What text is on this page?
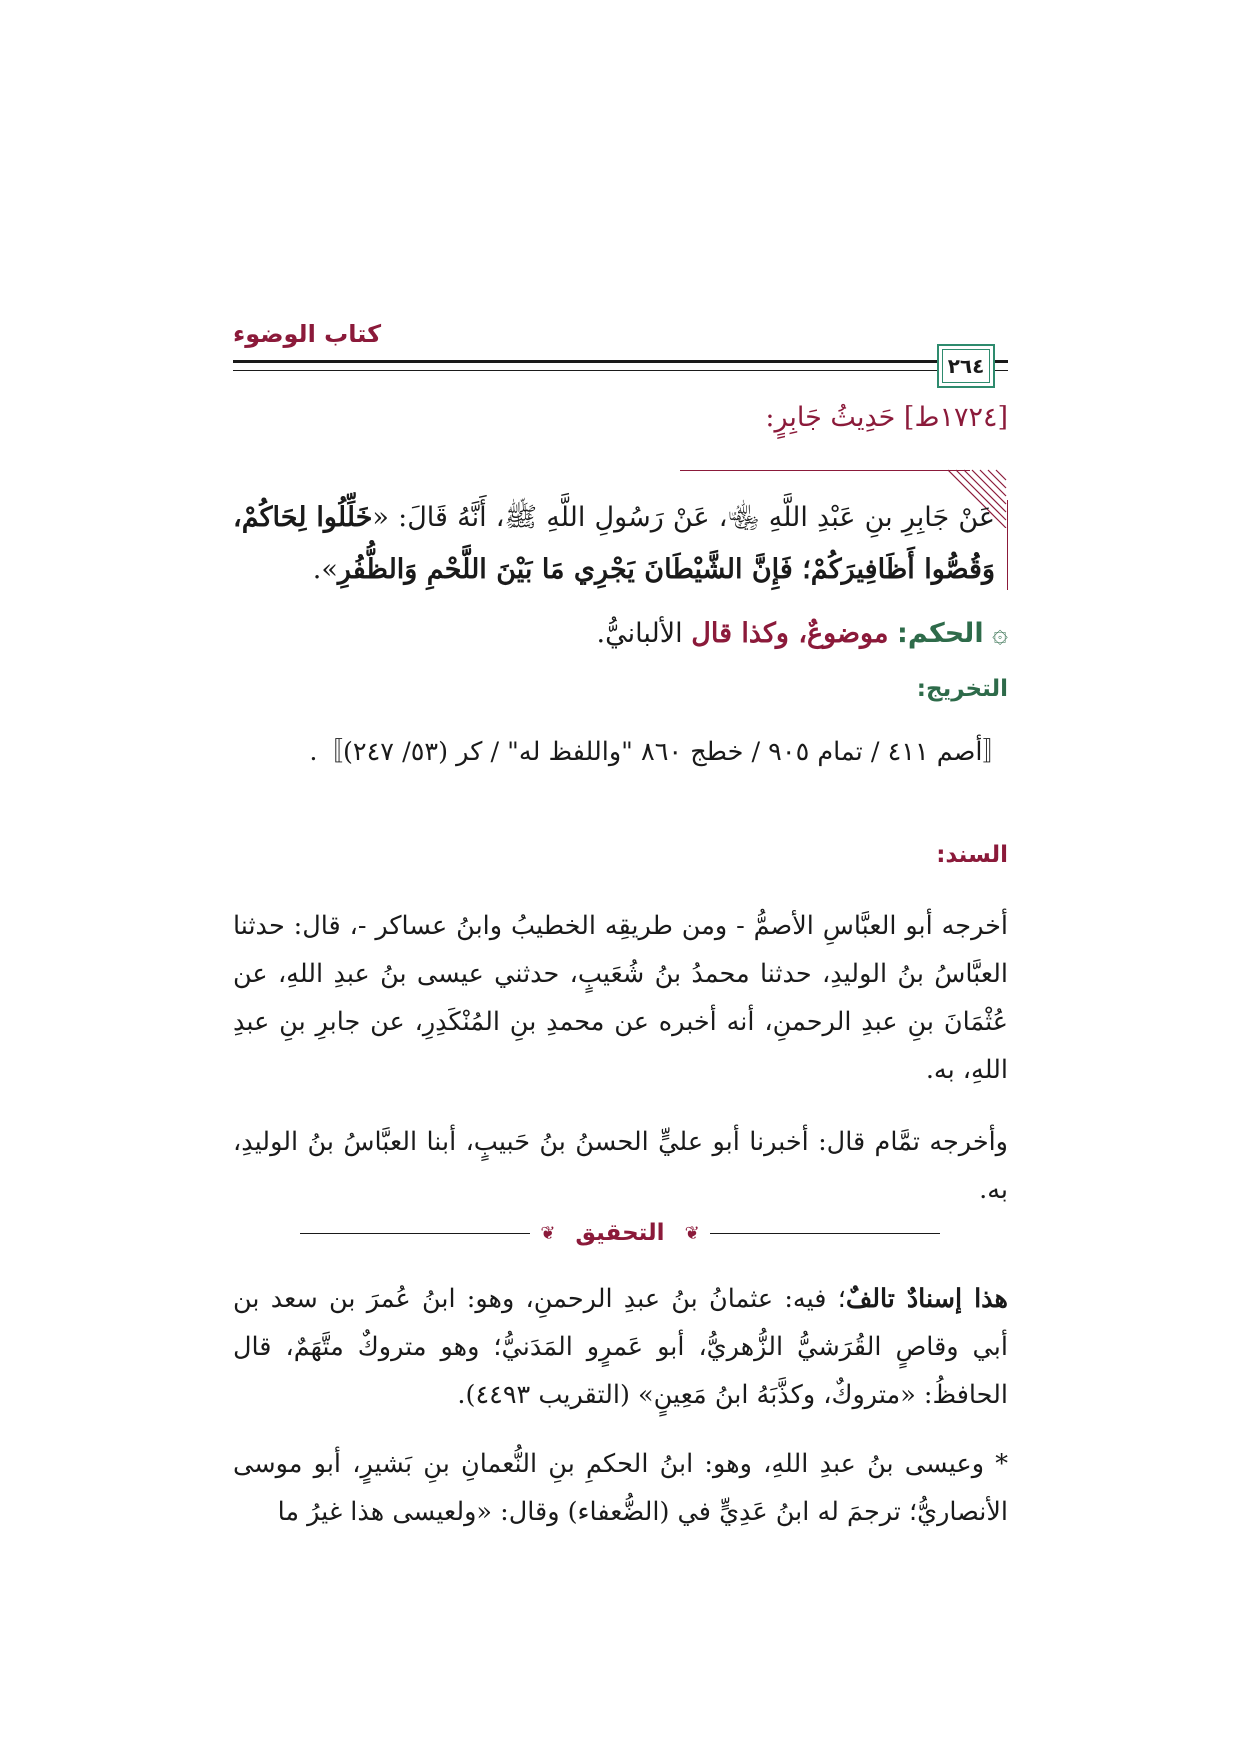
كتاب الوضوء
٢٦٤
[١٧٢٤ط] حَدِيثُ جَابِرٍ:
عَنْ جَابِرِ بنِ عَبْدِ اللَّهِ ﵄، عَنْ رَسُولِ اللَّهِ ﷺ، أَنَّهُ قَالَ: «خَلِّلُوا لِحَاكُمْ، وَقُصُّوا أَظَافِيرَكُمْ؛ فَإِنَّ الشَّيْطَانَ يَجْرِي مَا بَيْنَ اللَّحْمِ وَالظُّفُرِ».
۞ الحكم: موضوعٌ، وكذا قال الألبانيُّ.
التخريج:
〚أصم ٤١١ / تمام ٩٠٥ / خطج ٨٦٠ "واللفظ له" / كر (٥٣/ ٢٤٧)〛.
السند:
أخرجه أبو العبَّاسِ الأصمُّ - ومن طريقِه الخطيبُ وابنُ عساكر -، قال: حدثنا العبَّاسُ بنُ الوليدِ، حدثنا محمدُ بنُ شُعَيبٍ، حدثني عيسى بنُ عبدِ اللهِ، عن عُثْمَانَ بنِ عبدِ الرحمنِ، أنه أخبره عن محمدِ بنِ المُنْكَدِرِ، عن جابرِ بنِ عبدِ اللهِ، به.
وأخرجه تمَّام قال: أخبرنا أبو عليٍّ الحسنُ بنُ حَبيبٍ، أبنا العبَّاسُ بنُ الوليدِ، به.
❦
التحقيق
❦
هذا إسنادٌ تالفٌ؛ فيه: عثمانُ بنُ عبدِ الرحمنِ، وهو: ابنُ عُمرَ بن سعد بن أبي وقاصٍ القُرَشيُّ الزُّهريُّ، أبو عَمرٍو المَدَنيُّ؛ وهو متروكٌ متَّهَمٌ، قال الحافظُ: «متروكٌ، وكذَّبَهُ ابنُ مَعِينٍ» (التقريب ٤٤٩٣).
* وعيسى بنُ عبدِ اللهِ، وهو: ابنُ الحكمِ بنِ النُّعمانِ بنِ بَشيرٍ، أبو موسى الأنصاريُّ؛ ترجمَ له ابنُ عَدِيٍّ في (الضُّعفاء) وقال: «ولعيسى هذا غيرُ ما
